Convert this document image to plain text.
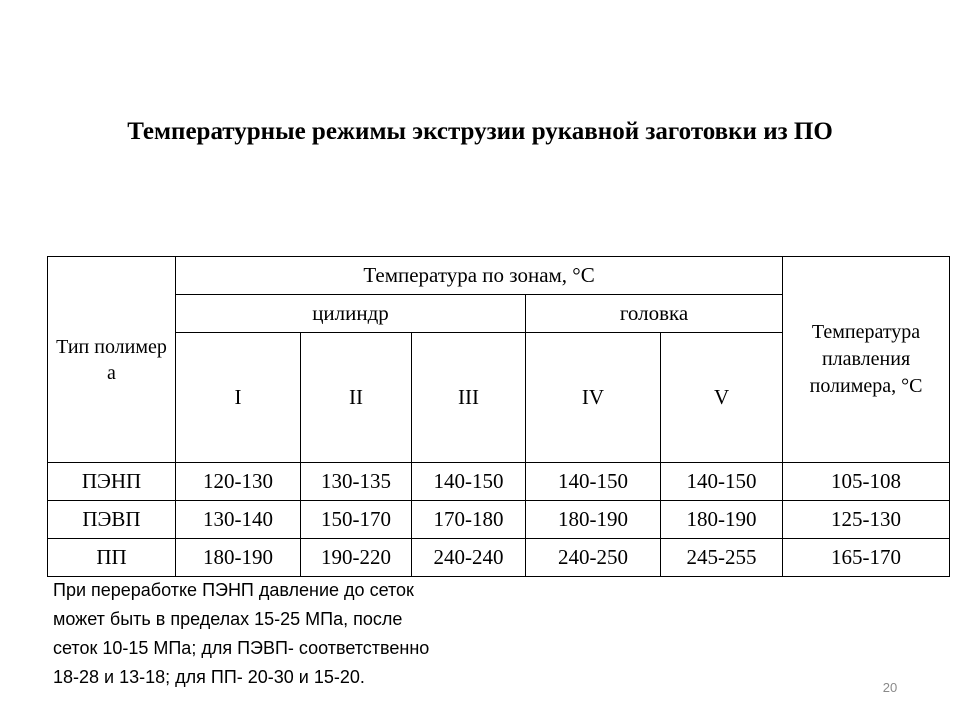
Температурные режимы экструзии рукавной заготовки из ПО
Тип полимер а	Температура по зонам, °С					Температура плавления полимера, °С
	цилиндр			головка		
	I	II	III	IV	V	
ПЭНП	120-130	130-135	140-150	140-150	140-150	105-108
ПЭВП	130-140	150-170	170-180	180-190	180-190	125-130
ПП	180-190	190-220	240-240	240-250	245-255	165-170
При переработке ПЭНП давление до сеток
может быть в пределах 15-25 МПа, после
сеток 10-15 МПа; для ПЭВП- соответственно
18-28 и 13-18; для ПП- 20-30 и 15-20.
20
